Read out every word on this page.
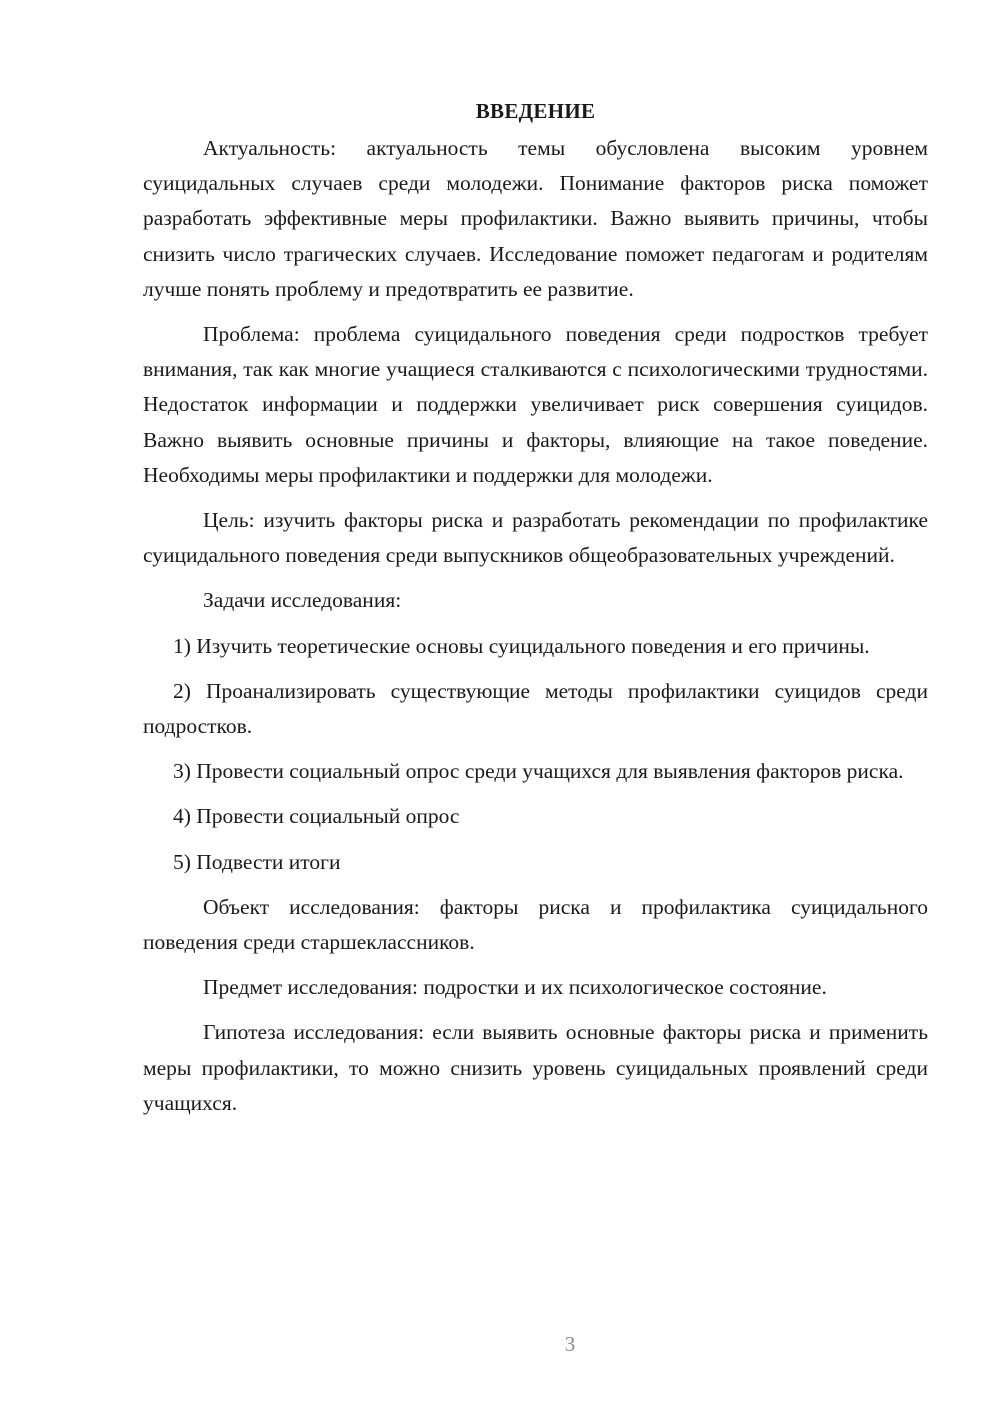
ВВЕДЕНИЕ

Актуальность: актуальность темы обусловлена высоким уровнем суицидальных случаев среди молодежи. Понимание факторов риска поможет разработать эффективные меры профилактики. Важно выявить причины, чтобы снизить число трагических случаев. Исследование поможет педагогам и родителям лучше понять проблему и предотвратить ее развитие.

Проблема: проблема суицидального поведения среди подростков требует внимания, так как многие учащиеся сталкиваются с психологическими трудностями. Недостаток информации и поддержки увеличивает риск совершения суицидов. Важно выявить основные причины и факторы, влияющие на такое поведение. Необходимы меры профилактики и поддержки для молодежи.

Цель: изучить факторы риска и разработать рекомендации по профилактике суицидального поведения среди выпускников общеобразовательных учреждений.

Задачи исследования:

1) Изучить теоретические основы суицидального поведения и его причины.

2) Проанализировать существующие методы профилактики суицидов среди подростков.

3) Провести социальный опрос среди учащихся для выявления факторов риска.

4) Провести социальный опрос

5) Подвести итоги

Объект исследования: факторы риска и профилактика суицидального поведения среди старшеклассников.

Предмет исследования: подростки и их психологическое состояние.

Гипотеза исследования: если выявить основные факторы риска и применить меры профилактики, то можно снизить уровень суицидальных проявлений среди учащихся.

3
